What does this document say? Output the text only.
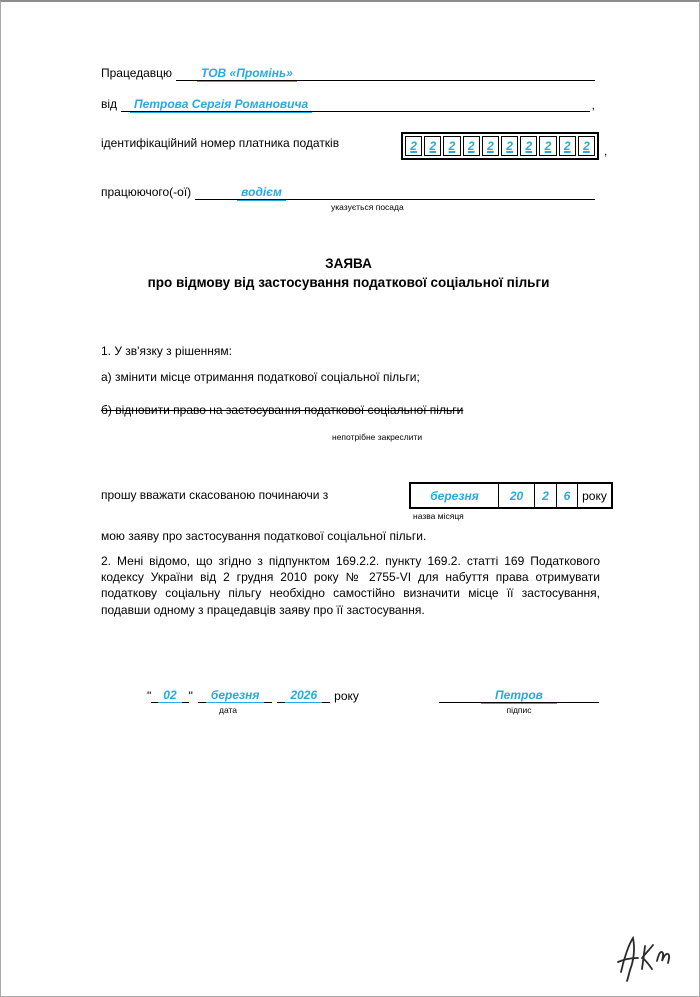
Працедавцю	ТОВ «Промінь»
від	Петрова Сергія Романовича	,
ідентифікаційний номер платника податків	2 2 2 2 2 2 2 2 2 2 ,
працюючого(-ої)	водієм
указується посада
ЗАЯВА
про відмову від застосування податкової соціальної пільги
1. У зв'язку з рішенням:
а) змінити місце отримання податкової соціальної пільги;
б) відновити право на застосування податкової соціальної пільги
непотрібне закреслити
прошу вважати скасованою починаючи з	березня	20 2 6 року
назва місяця
мою заяву про застосування податкової соціальної пільги.
2. Мені відомо, що згідно з підпунктом 169.2.2. пункту 169.2. статті 169 Податкового кодексу України від 2 грудня 2010 року № 2755-VI для набуття права отримувати податкову соціальну пільгу необхідно самостійно визначити місце її застосування, подавши одному з працедавців заяву про її застосування.
"	02	"	березня	2026	року
дата
Петров
підпис
